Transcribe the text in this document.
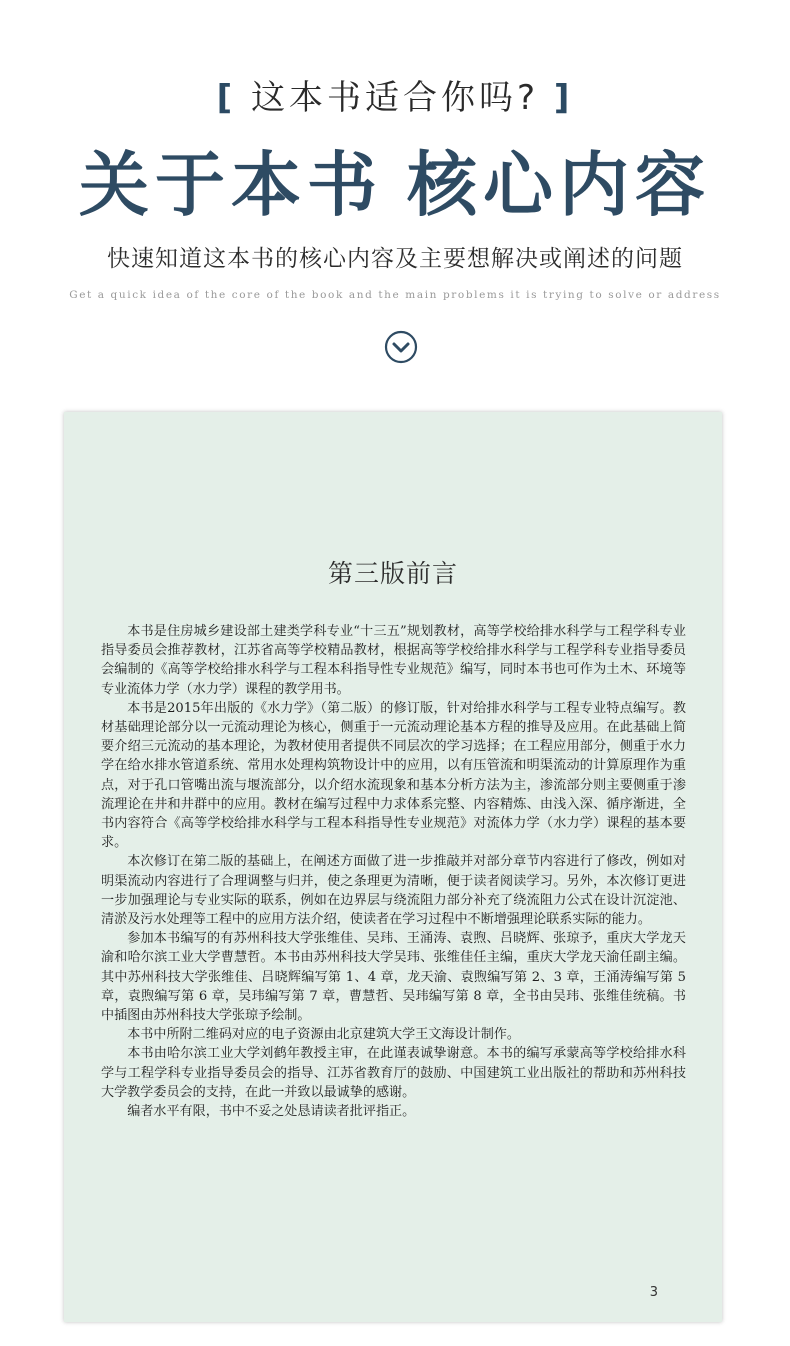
[ 这本书适合你吗? ]
关于本书 核心内容
快速知道这本书的核心内容及主要想解决或阐述的问题
Get a quick idea of the core of the book and the main problems it is trying to solve or address
第三版前言

本书是住房城乡建设部土建类学科专业“十三五”规划教材，高等学校给排水科学与工程学科专业指导委员会推荐教材，江苏省高等学校精品教材，根据高等学校给排水科学与工程学科专业指导委员会编制的《高等学校给排水科学与工程本科指导性专业规范》编写，同时本书也可作为土木、环境等专业流体力学（水力学）课程的教学用书。

本书是2015年出版的《水力学》（第二版）的修订版，针对给排水科学与工程专业特点编写。教材基础理论部分以一元流动理论为核心，侧重于一元流动理论基本方程的推导及应用。在此基础上简要介绍三元流动的基本理论，为教材使用者提供不同层次的学习选择；在工程应用部分，侧重于水力学在给水排水管道系统、常用水处理构筑物设计中的应用，以有压管流和明渠流动的计算原理作为重点，对于孔口管嘴出流与堰流部分，以介绍水流现象和基本分析方法为主，渗流部分则主要侧重于渗流理论在井和井群中的应用。教材在编写过程中力求体系完整、内容精炼、由浅入深、循序渐进，全书内容符合《高等学校给排水科学与工程本科指导性专业规范》对流体力学（水力学）课程的基本要求。

本次修订在第二版的基础上，在阐述方面做了进一步推敲并对部分章节内容进行了修改，例如对明渠流动内容进行了合理调整与归并，使之条理更为清晰，便于读者阅读学习。另外，本次修订更进一步加强理论与专业实际的联系，例如在边界层与绕流阻力部分补充了绕流阻力公式在设计沉淀池、清淤及污水处理等工程中的应用方法介绍，使读者在学习过程中不断增强理论联系实际的能力。

参加本书编写的有苏州科技大学张维佳、吴玮、王涌涛、袁煦、吕晓辉、张琼予，重庆大学龙天渝和哈尔滨工业大学曹慧哲。本书由苏州科技大学吴玮、张维佳任主编，重庆大学龙天渝任副主编。其中苏州科技大学张维佳、吕晓辉编写第 1、4 章，龙天渝、袁煦编写第 2、3 章，王涌涛编写第 5 章，袁煦编写第 6 章，吴玮编写第 7 章，曹慧哲、吴玮编写第 8 章，全书由吴玮、张维佳统稿。书中插图由苏州科技大学张琼予绘制。

本书中所附二维码对应的电子资源由北京建筑大学王文海设计制作。

本书由哈尔滨工业大学刘鹤年教授主审，在此谨表诚挚谢意。本书的编写承蒙高等学校给排水科学与工程学科专业指导委员会的指导、江苏省教育厅的鼓励、中国建筑工业出版社的帮助和苏州科技大学教学委员会的支持，在此一并致以最诚挚的感谢。

编者水平有限，书中不妥之处恳请读者批评指正。

3
